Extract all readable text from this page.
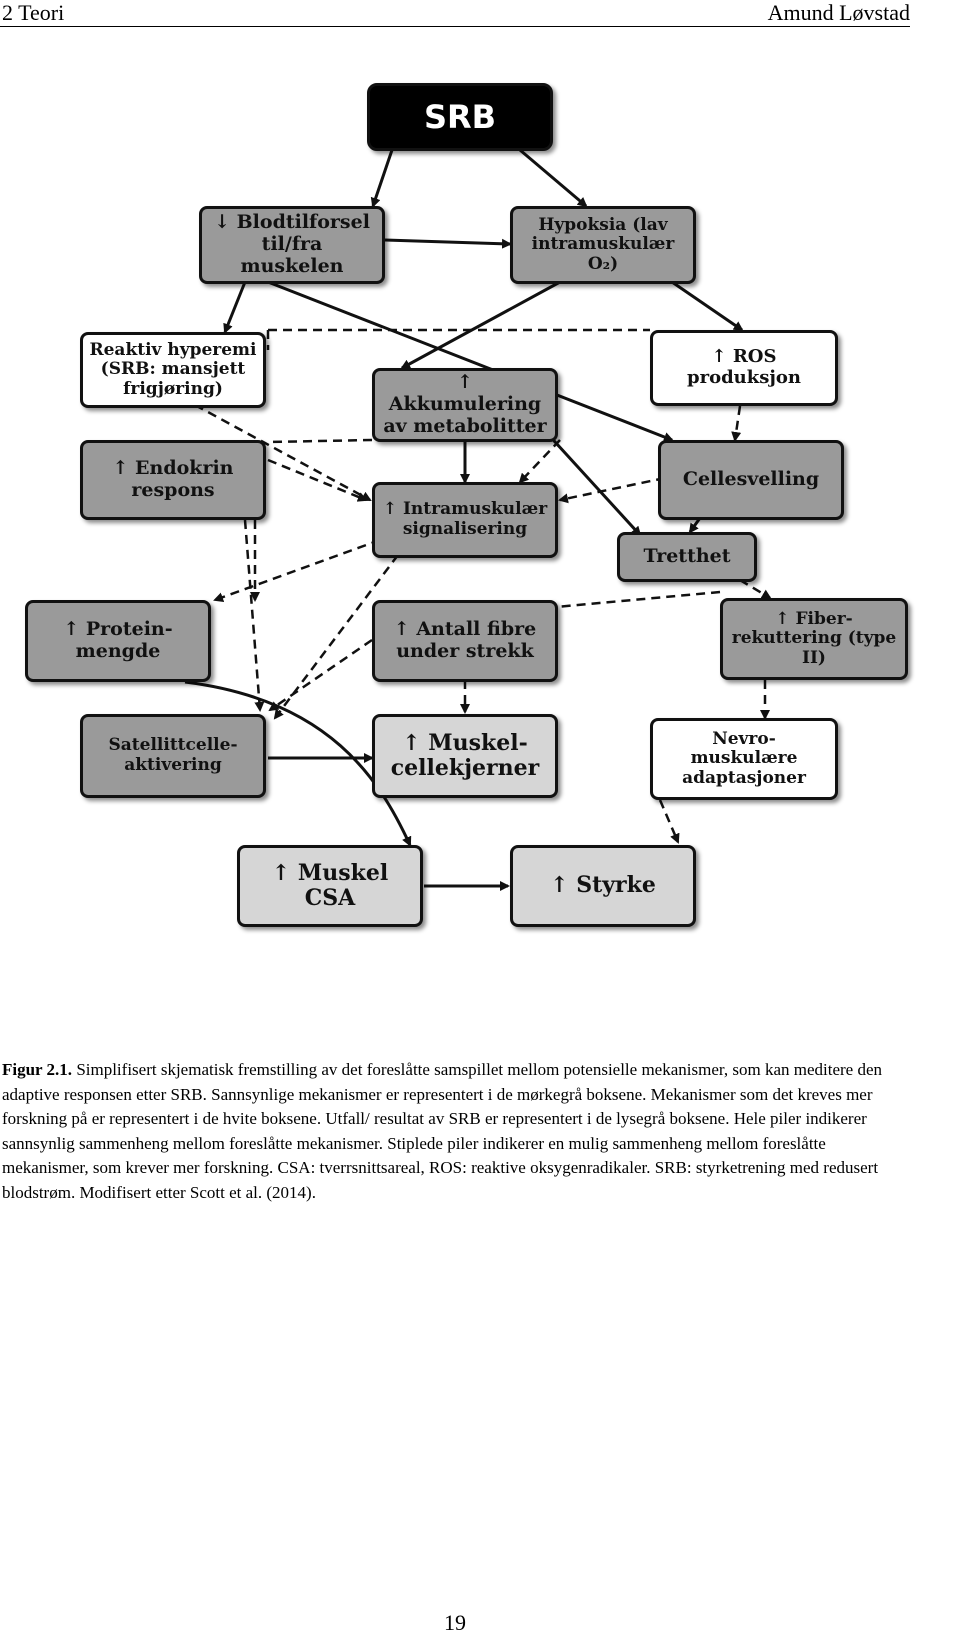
2 Teori	Amund Løvstad
SRB
↓ Blodtilforsel
til/fra muskelen
Hypoksia (lav
intramuskulær
O₂)
Reaktiv hyperemi
(SRB: mansjett
frigjøring)
↑ ROS
produksjon
↑ Akkumulering
av metabolitter
↑ Endokrin
respons	Cellesvelling
↑ Intramuskulær
signalisering
Tretthet
↑ Protein-
mengde
↑ Antall fibre
under strekk
↑ Fiber-
rekuttering (type
II)
Satellittcelle-
aktivering
↑ Muskel-
cellekjerner
Nevro-
muskulære
adaptasjoner
↑ Muskel
CSA	↑ Styrke
Figur 2.1. Simplifisert skjematisk fremstilling av det foreslåtte samspillet mellom potensielle mekanismer, som kan meditere den adaptive responsen etter SRB. Sannsynlige mekanismer er representert i de mørkegrå boksene. Mekanismer som det kreves mer forskning på er representert i de hvite boksene. Utfall/ resultat av SRB er representert i de lysegrå boksene. Hele piler indikerer sannsynlig sammenheng mellom foreslåtte mekanismer. Stiplede piler indikerer en mulig sammenheng mellom foreslåtte mekanismer, som krever mer forskning. CSA: tverrsnittsareal, ROS: reaktive oksygenradikaler. SRB: styrketrening med redusert blodstrøm. Modifisert etter Scott et al. (2014).
19
